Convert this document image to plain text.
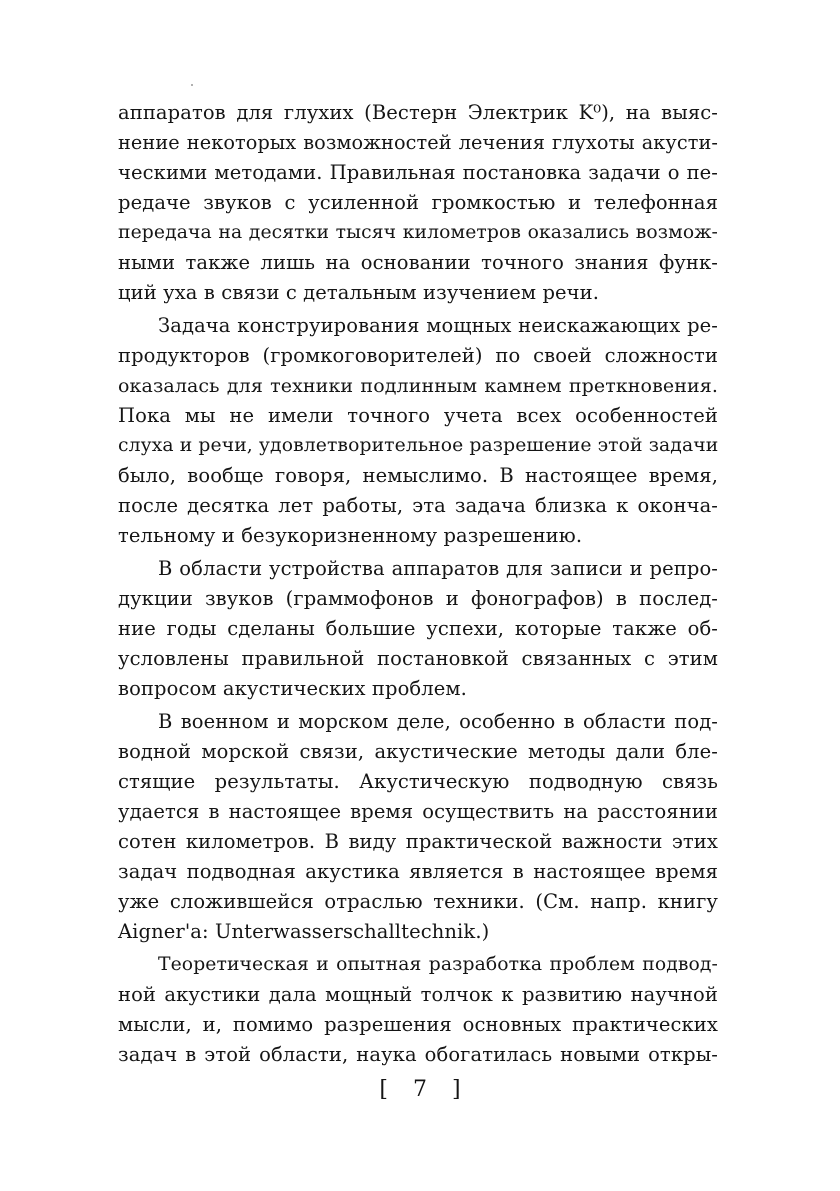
аппаратов для глухих (Вестерн Электрик K⁰), на выяс-
нение некоторых возможностей лечения глухоты акусти-
ческими методами. Правильная постановка задачи о пе-
редаче звуков с усиленной громкостью и телефонная
передача на десятки тысяч километров оказались возмож-
ными также лишь на основании точного знания функ-
ций уха в связи с детальным изучением речи.
Задача конструирования мощных неискажающих ре-
продукторов (громкоговорителей) по своей сложности
оказалась для техники подлинным камнем преткновения.
Пока мы не имели точного учета всех особенностей
слуха и речи, удовлетворительное разрешение этой задачи
было, вообще говоря, немыслимо. В настоящее время,
после десятка лет работы, эта задача близка к оконча-
тельному и безукоризненному разрешению.
В области устройства аппаратов для записи и репро-
дукции звуков (граммофонов и фонографов) в послед-
ние годы сделаны большие успехи, которые также об-
условлены правильной постановкой связанных с этим
вопросом акустических проблем.
В военном и морском деле, особенно в области под-
водной морской связи, акустические методы дали бле-
стящие результаты. Акустическую подводную связь
удается в настоящее время осуществить на расстоянии
сотен километров. В виду практической важности этих
задач подводная акустика является в настоящее время
уже сложившейся отраслью техники. (См. напр. книгу
Aigner'a: Unterwasserschalltechnik.)
Теоретическая и опытная разработка проблем подвод-
ной акустики дала мощный толчок к развитию научной
мысли, и, помимо разрешения основных практических
задач в этой области, наука обогатилась новыми откры-
[ 7 ]
